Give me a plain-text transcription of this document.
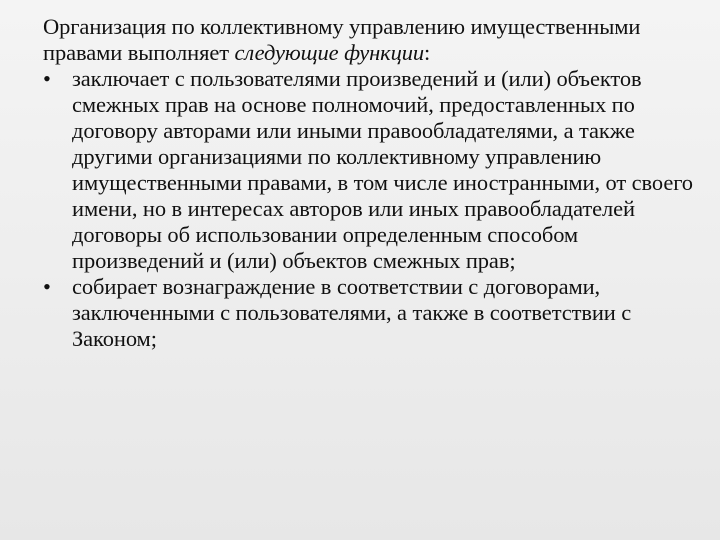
Организация по коллективному управлению имущественными правами выполняет следующие функции:

• заключает с пользователями произведений и (или) объектов смежных прав на основе полномочий, предоставленных по договору авторами или иными правообладателями, а также другими организациями по коллективному управлению имущественными правами, в том числе иностранными, от своего имени, но в интересах авторов или иных правообладателей договоры об использовании определенным способом произведений и (или) объектов смежных прав;
• собирает вознаграждение в соответствии с договорами, заключенными с пользователями, а также в соответствии с Законом;
